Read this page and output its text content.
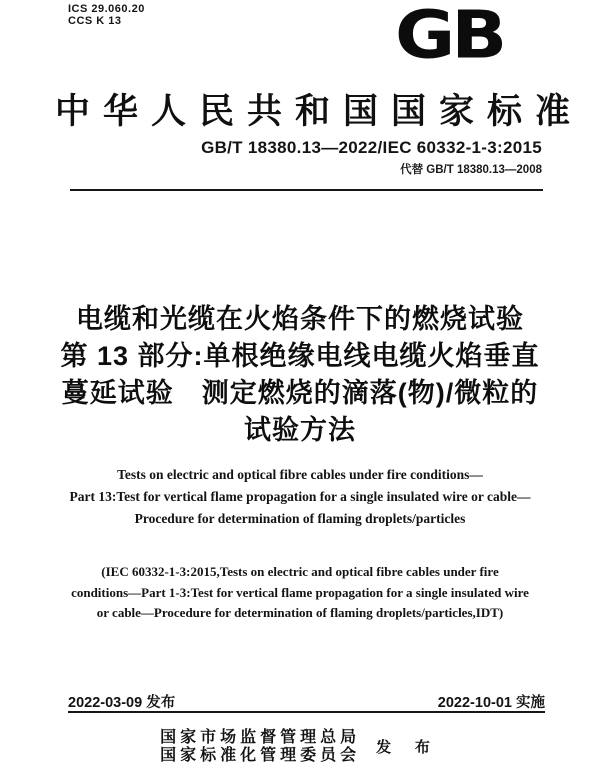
ICS 29.060.20
CCS K 13	GB
中华人民共和国国家标准
GB/T 18380.13—2022/IEC 60332-1-3:2015
代替 GB/T 18380.13—2008
电缆和光缆在火焰条件下的燃烧试验
第 13 部分:单根绝缘电线电缆火焰垂直
蔓延试验　测定燃烧的滴落(物)/微粒的
试验方法
Tests on electric and optical fibre cables under fire conditions—
Part 13:Test for vertical flame propagation for a single insulated wire or cable—
Procedure for determination of flaming droplets/particles
(IEC 60332-1-3:2015,Tests on electric and optical fibre cables under fire
conditions—Part 1-3:Test for vertical flame propagation for a single insulated wire
or cable—Procedure for determination of flaming droplets/particles,IDT)
2022-03-09 发布	2022-10-01 实施
国家市场监督管理总局
国家标准化管理委员会 发 布
